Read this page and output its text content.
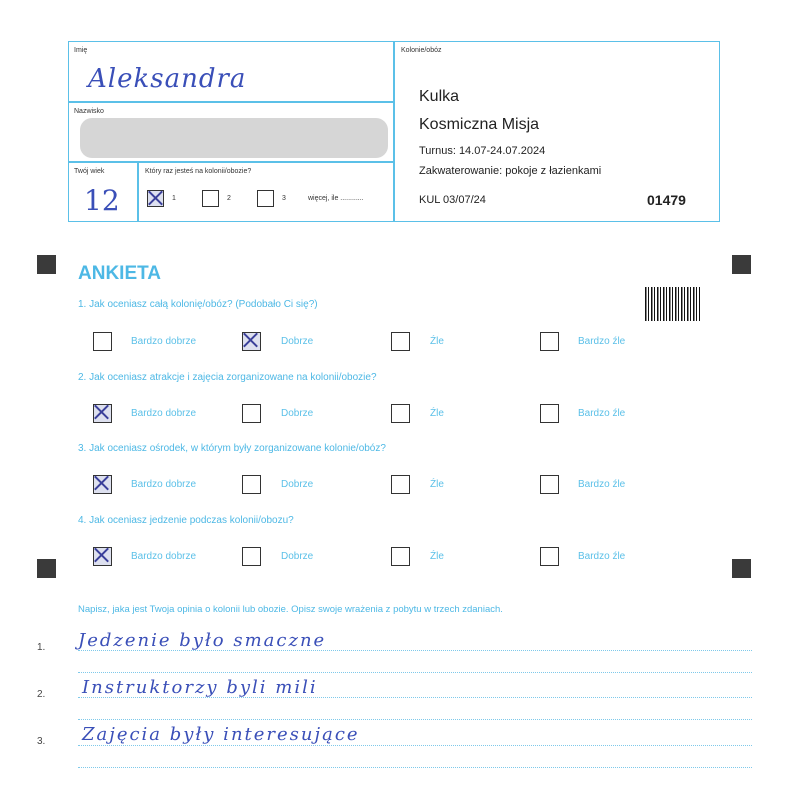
Imię
Aleksandra
Nazwisko
Twój wiek
12
Który raz jesteś na kolonii/obozie?
1	2	3	więcej, ile ............
Kolonie/obóz
Kulka
Kosmiczna Misja
Turnus: 14.07-24.07.2024
Zakwaterowanie: pokoje z łazienkami
KUL 03/07/24	01479
ANKIETA
1. Jak oceniasz całą kolonię/obóz? (Podobało Ci się?)
Bardzo dobrze	Dobrze	Źle	Bardzo źle
2. Jak oceniasz atrakcje i zajęcia zorganizowane na kolonii/obozie?
Bardzo dobrze	Dobrze	Źle	Bardzo źle
3. Jak oceniasz ośrodek, w którym były zorganizowane kolonie/obóz?
Bardzo dobrze	Dobrze	Źle	Bardzo źle
4. Jak oceniasz jedzenie podczas kolonii/obozu?
Bardzo dobrze	Dobrze	Źle	Bardzo źle
Napisz, jaka jest Twoja opinia o kolonii lub obozie. Opisz swoje wrażenia z pobytu w trzech zdaniach.
1. Jedzenie było smaczne
2. Instruktorzy byli mili
3. Zajęcia były interesujące
